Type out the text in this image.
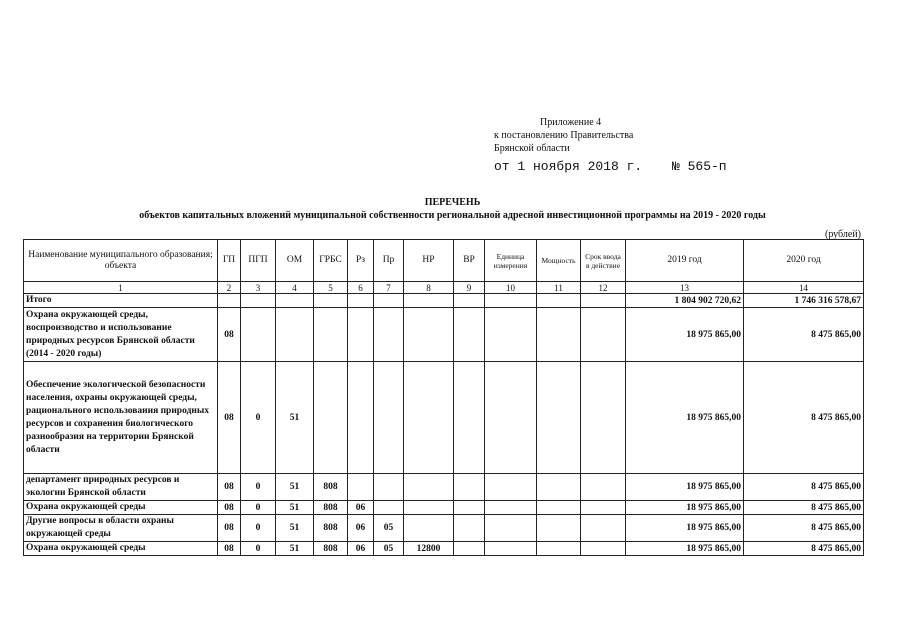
Приложение 4
к постановлению Правительства
Брянской области
от 1 ноября 2018 г. № 565-п
ПЕРЕЧЕНЬ
объектов капитальных вложений муниципальной собственности региональной адресной инвестиционной программы на 2019 - 2020 годы
(рублей)
Наименование муниципального образования; объекта	ГП	ПГП	ОМ	ГРБС	Рз	Пр	НР	ВР	Единица измерения	Мощность	Срок ввода в действие	2019 год	2020 год
1	2	3	4	5	6	7	8	9	10	11	12	13	14
Итого												1 804 902 720,62	1 746 316 578,67
Охрана окружающей среды, воспроизводство и использование природных ресурсов Брянской области (2014 - 2020 годы)	08											18 975 865,00	8 475 865,00
Обеспечение экологической безопасности населения, охраны окружающей среды, рационального использования природных ресурсов и сохранения биологического разнообразия на территории Брянской области	08	0	51									18 975 865,00	8 475 865,00
департамент природных ресурсов и экологии Брянской области	08	0	51	808								18 975 865,00	8 475 865,00
Охрана окружающей среды	08	0	51	808	06							18 975 865,00	8 475 865,00
Другие вопросы в области охраны окружающей среды	08	0	51	808	06	05						18 975 865,00	8 475 865,00
Охрана окружающей среды	08	0	51	808	06	05	12800					18 975 865,00	8 475 865,00
